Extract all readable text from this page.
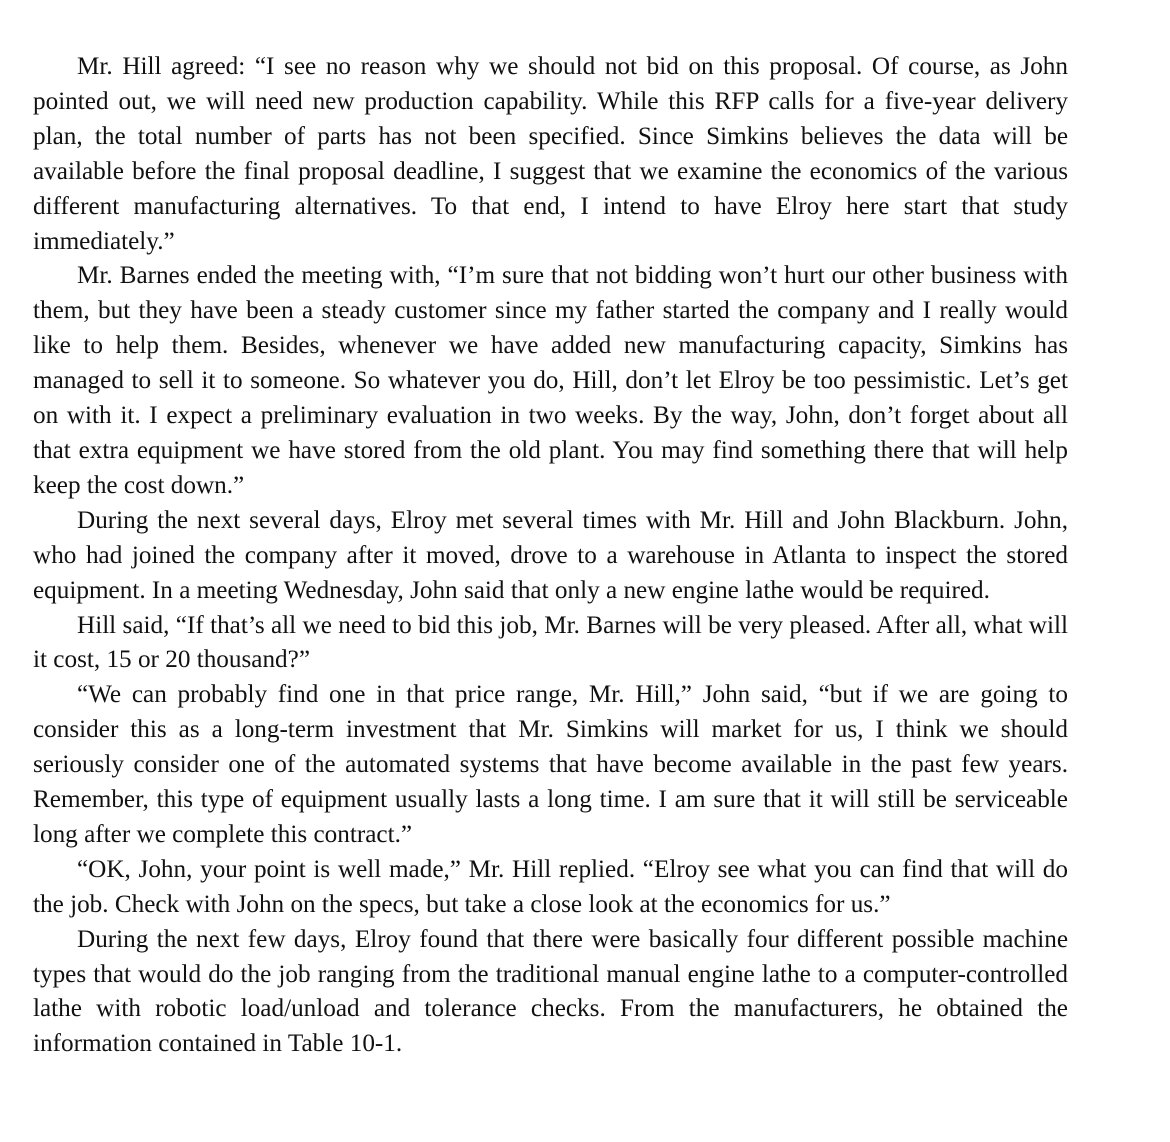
Mr. Hill agreed: “I see no reason why we should not bid on this proposal. Of course, as John pointed out, we will need new production capability. While this RFP calls for a five-year delivery plan, the total number of parts has not been specified. Since Simkins believes the data will be available before the final proposal deadline, I suggest that we examine the economics of the various different manufacturing alternatives. To that end, I intend to have Elroy here start that study immediately.”

Mr. Barnes ended the meeting with, “I’m sure that not bidding won’t hurt our other business with them, but they have been a steady customer since my father started the company and I really would like to help them. Besides, whenever we have added new manufacturing capacity, Simkins has managed to sell it to someone. So whatever you do, Hill, don’t let Elroy be too pessimistic. Let’s get on with it. I expect a preliminary evaluation in two weeks. By the way, John, don’t forget about all that extra equipment we have stored from the old plant. You may find something there that will help keep the cost down.”

During the next several days, Elroy met several times with Mr. Hill and John Blackburn. John, who had joined the company after it moved, drove to a warehouse in Atlanta to inspect the stored equipment. In a meeting Wednesday, John said that only a new engine lathe would be required.

Hill said, “If that’s all we need to bid this job, Mr. Barnes will be very pleased. After all, what will it cost, 15 or 20 thousand?”

“We can probably find one in that price range, Mr. Hill,” John said, “but if we are going to consider this as a long-term investment that Mr. Simkins will market for us, I think we should seriously consider one of the automated systems that have become available in the past few years. Remember, this type of equipment usually lasts a long time. I am sure that it will still be serviceable long after we complete this contract.”

“OK, John, your point is well made,” Mr. Hill replied. “Elroy see what you can find that will do the job. Check with John on the specs, but take a close look at the economics for us.”

During the next few days, Elroy found that there were basically four different possible machine types that would do the job ranging from the traditional manual engine lathe to a computer-controlled lathe with robotic load/unload and tolerance checks. From the manufacturers, he obtained the information contained in Table 10-1.
